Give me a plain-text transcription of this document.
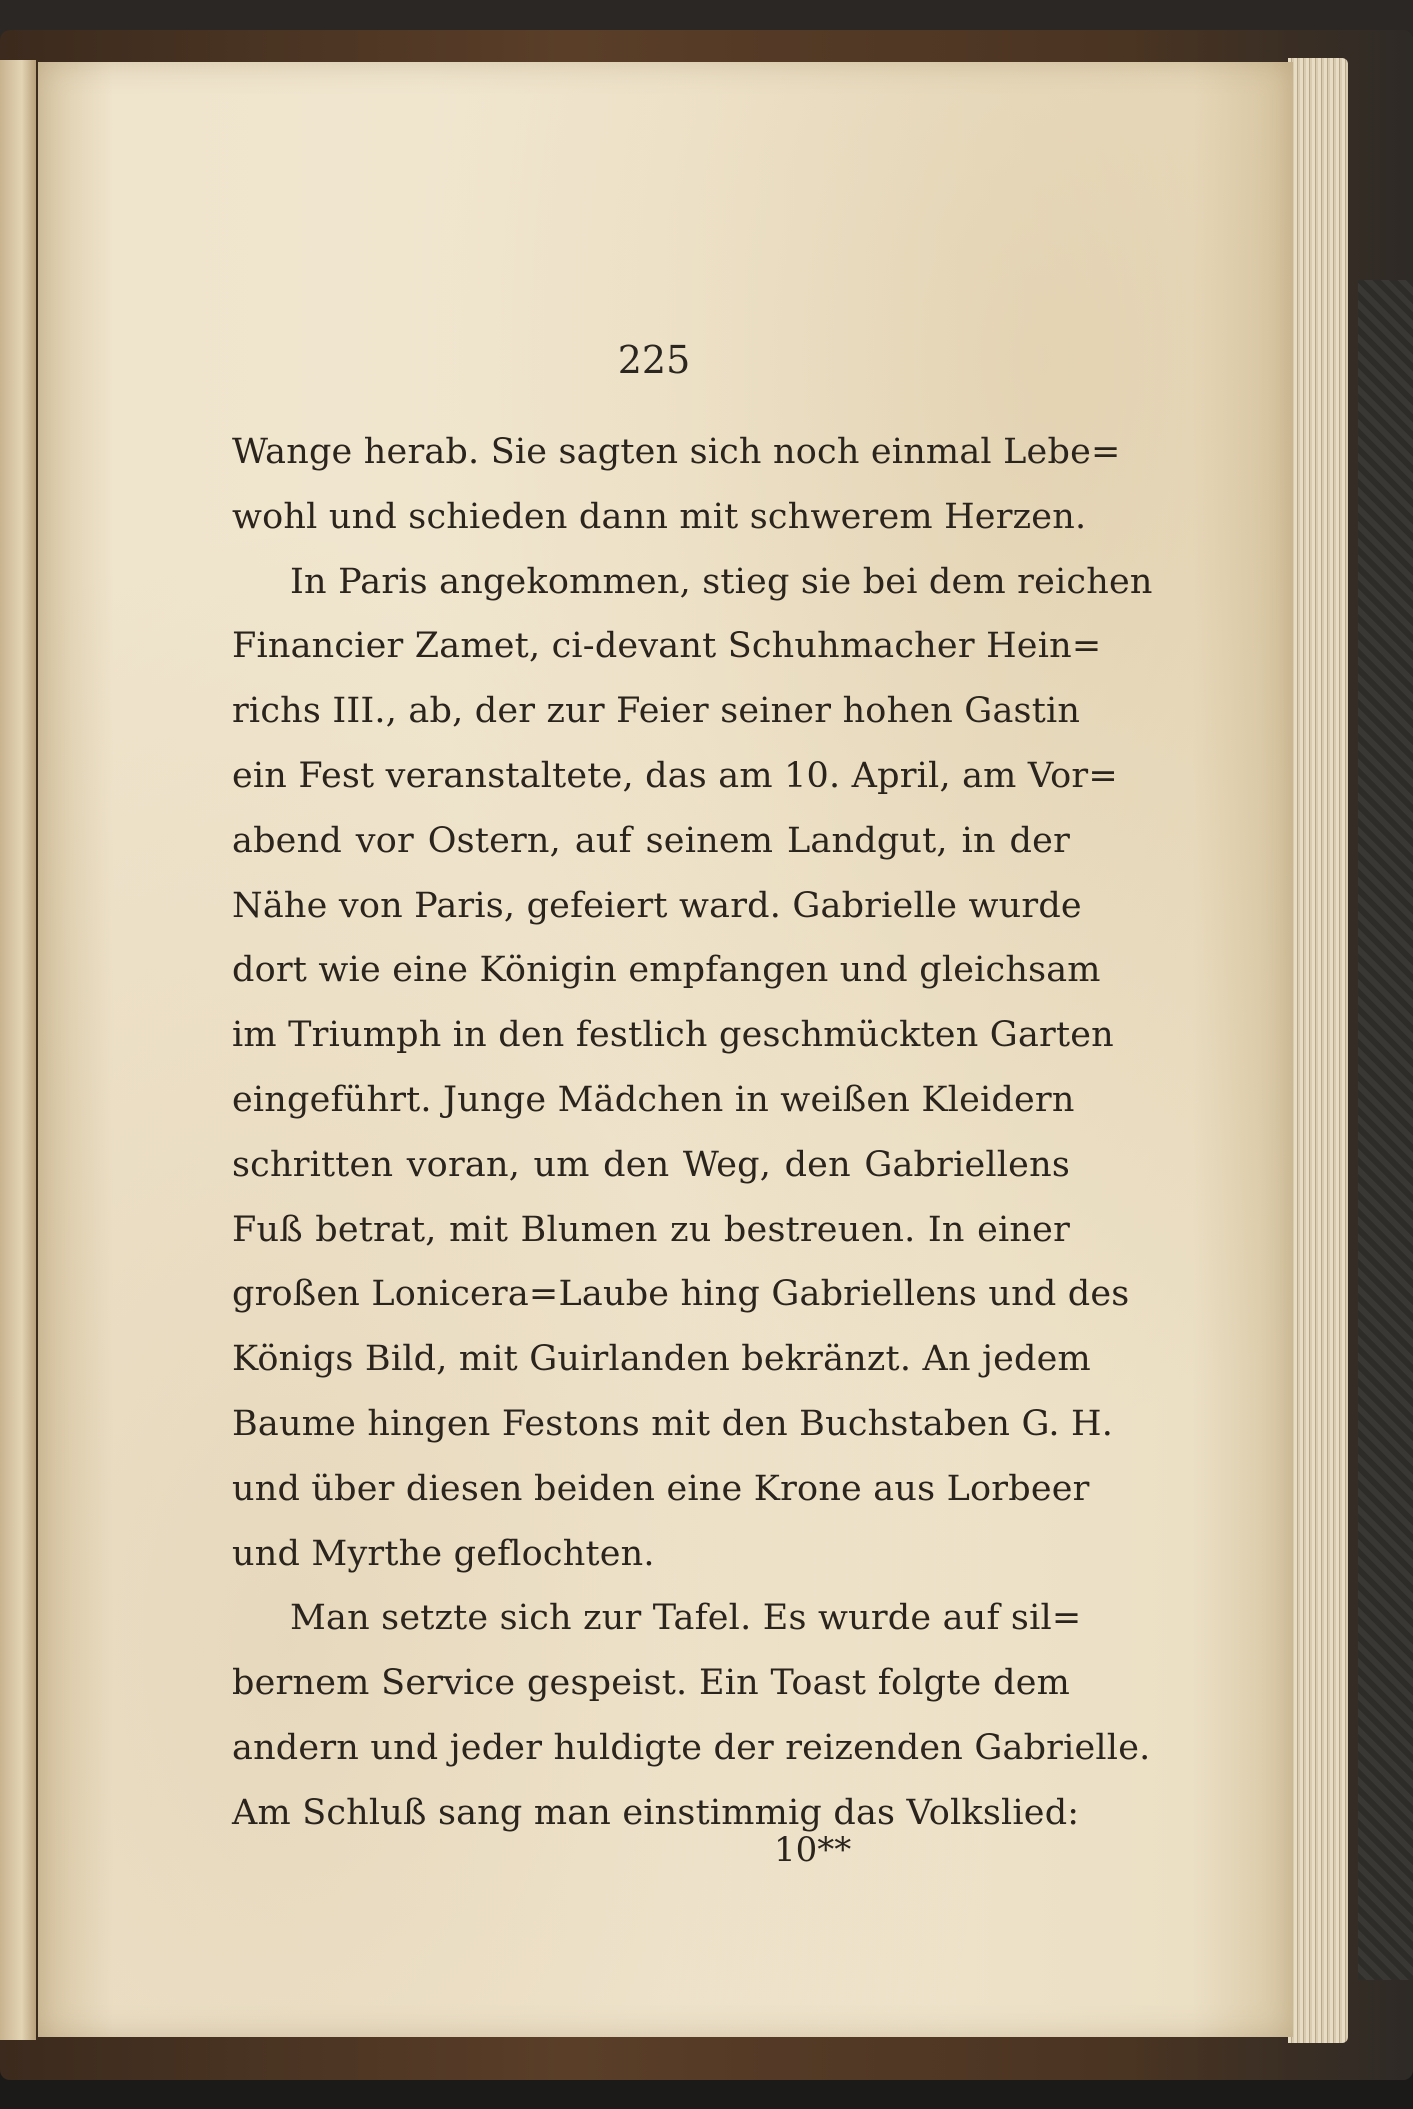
225
Wange herab. Sie sagten sich noch einmal Lebe=
wohl und schieden dann mit schwerem Herzen.
In Paris angekommen, stieg sie bei dem reichen
Financier Zamet, ci-devant Schuhmacher Hein=
richs III., ab, der zur Feier seiner hohen Gastin
ein Fest veranstaltete, das am 10. April, am Vor=
abend vor Ostern, auf seinem Landgut, in der
Nähe von Paris, gefeiert ward. Gabrielle wurde
dort wie eine Königin empfangen und gleichsam
im Triumph in den festlich geschmückten Garten
eingeführt. Junge Mädchen in weißen Kleidern
schritten voran, um den Weg, den Gabriellens
Fuß betrat, mit Blumen zu bestreuen. In einer
großen Lonicera=Laube hing Gabriellens und des
Königs Bild, mit Guirlanden bekränzt. An jedem
Baume hingen Festons mit den Buchstaben G. H.
und über diesen beiden eine Krone aus Lorbeer
und Myrthe geflochten.
Man setzte sich zur Tafel. Es wurde auf sil=
bernem Service gespeist. Ein Toast folgte dem
andern und jeder huldigte der reizenden Gabrielle.
Am Schluß sang man einstimmig das Volkslied:
10**
